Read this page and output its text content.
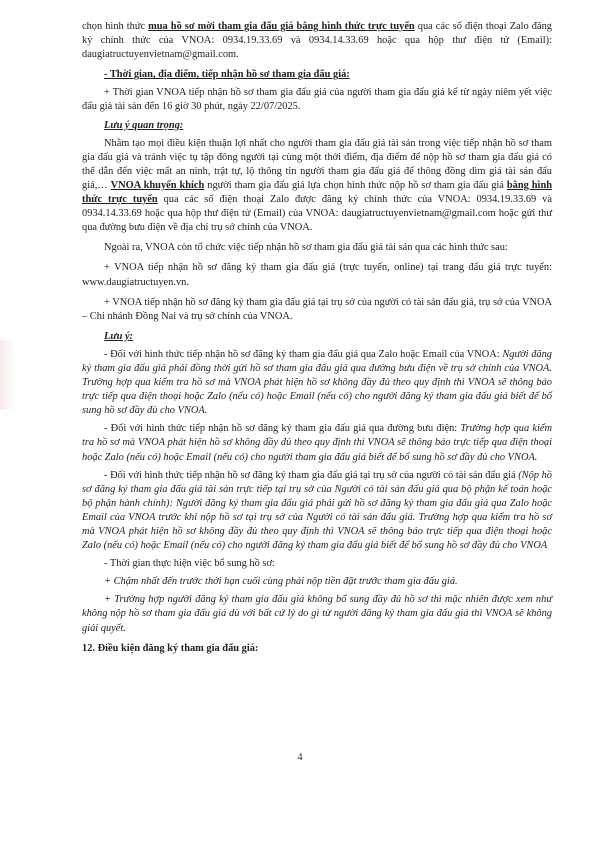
chọn hình thức mua hồ sơ mời tham gia đấu giá bằng hình thức trực tuyến qua các số điện thoại Zalo đăng ký chính thức của VNOA: 0934.19.33.69 và 0934.14.33.69 hoặc qua hộp thư điện tử (Email): daugiatructuyenvietnam@gmail.com.

- Thời gian, địa điểm, tiếp nhận hồ sơ tham gia đấu giá:

+ Thời gian VNOA tiếp nhận hồ sơ tham gia đấu giá của người tham gia đấu giá kể từ ngày niêm yết việc đấu giá tài sản đến 16 giờ 30 phút, ngày 22/07/2025.

Lưu ý quan trọng:

Nhằm tạo mọi điều kiện thuận lợi nhất cho người tham gia đấu giá tài sản trong việc tiếp nhận hồ sơ tham gia đấu giá và tránh việc tụ tập đông người tại cùng một thời điểm, địa điểm để nộp hồ sơ tham gia đấu giá có thể dẫn đến việc mất an ninh, trật tự, lộ thông tin người tham gia đấu giá để thông đồng dìm giá tài sản đấu giá,… VNOA khuyến khích người tham gia đấu giá lựa chọn hình thức nộp hồ sơ tham gia đấu giá bằng hình thức trực tuyến qua các số điện thoại Zalo được đăng ký chính thức của VNOA: 0934.19.33.69 và 0934.14.33.69 hoặc qua hộp thư điện tử (Email) của VNOA: daugiatructuyenvietnam@gmail.com hoặc gửi thư qua đường bưu điện về địa chỉ trụ sở chính của VNOA.

Ngoài ra, VNOA còn tổ chức việc tiếp nhận hồ sơ tham gia đấu giá tài sản qua các hình thức sau:

+ VNOA tiếp nhận hồ sơ đăng ký tham gia đấu giá (trực tuyến, online) tại trang đấu giá trực tuyến: www.daugiatructuyen.vn.

+ VNOA tiếp nhận hồ sơ đăng ký tham gia đấu giá tại trụ sở của người có tài sản đấu giá, trụ sở của VNOA – Chi nhánh Đồng Nai và trụ sở chính của VNOA.

Lưu ý:

- Đối với hình thức tiếp nhận hồ sơ đăng ký tham gia đấu giá qua Zalo hoặc Email của VNOA: Người đăng ký tham gia đấu giá phải đồng thời gửi hồ sơ tham gia đấu giá qua đường bưu điện về trụ sở chính của VNOA. Trường hợp qua kiểm tra hồ sơ mà VNOA phát hiện hồ sơ không đầy đủ theo quy định thì VNOA sẽ thông báo trực tiếp qua điện thoại hoặc Zalo (nếu có) hoặc Email (nếu có) cho người đăng ký tham gia đấu giá biết để bổ sung hồ sơ đầy đủ cho VNOA.

- Đối với hình thức tiếp nhận hồ sơ đăng ký tham gia đấu giá qua đường bưu điện: Trường hợp qua kiểm tra hồ sơ mà VNOA phát hiện hồ sơ không đầy đủ theo quy định thì VNOA sẽ thông báo trực tiếp qua điện thoại hoặc Zalo (nếu có) hoặc Email (nếu có) cho người tham gia đấu giá biết để bổ sung hồ sơ đầy đủ cho VNOA.

- Đối với hình thức tiếp nhận hồ sơ đăng ký tham gia đấu giá tại trụ sở của người có tài sản đấu giá (Nộp hồ sơ đăng ký tham gia đấu giá tài sản trực tiếp tại trụ sở của Người có tài sản đấu giá qua bộ phận kế toán hoặc bộ phận hành chính): Người đăng ký tham gia đấu giá phải gửi hồ sơ đăng ký tham gia đấu giá qua Zalo hoặc Email của VNOA trước khi nộp hồ sơ tại trụ sở của Người có tài sản đấu giá. Trường hợp qua kiểm tra hồ sơ mà VNOA phát hiện hồ sơ không đầy đủ theo quy định thì VNOA sẽ thông báo trực tiếp qua điện thoại hoặc Zalo (nếu có) hoặc Email (nếu có) cho người đăng ký tham gia đấu giá biết để bổ sung hồ sơ đầy đủ cho VNOA

- Thời gian thực hiện việc bổ sung hồ sơ:

+ Chậm nhất đến trước thời hạn cuối cùng phải nộp tiền đặt trước tham gia đấu giá.

+ Trường hợp người đăng ký tham gia đấu giá không bổ sung đầy đủ hồ sơ thì mặc nhiên được xem như không nộp hồ sơ tham gia đấu giá dù với bất cứ lý do gì từ người đăng ký tham gia đấu giá thì VNOA sẽ không giải quyết.

12. Điều kiện đăng ký tham gia đấu giá:

4
